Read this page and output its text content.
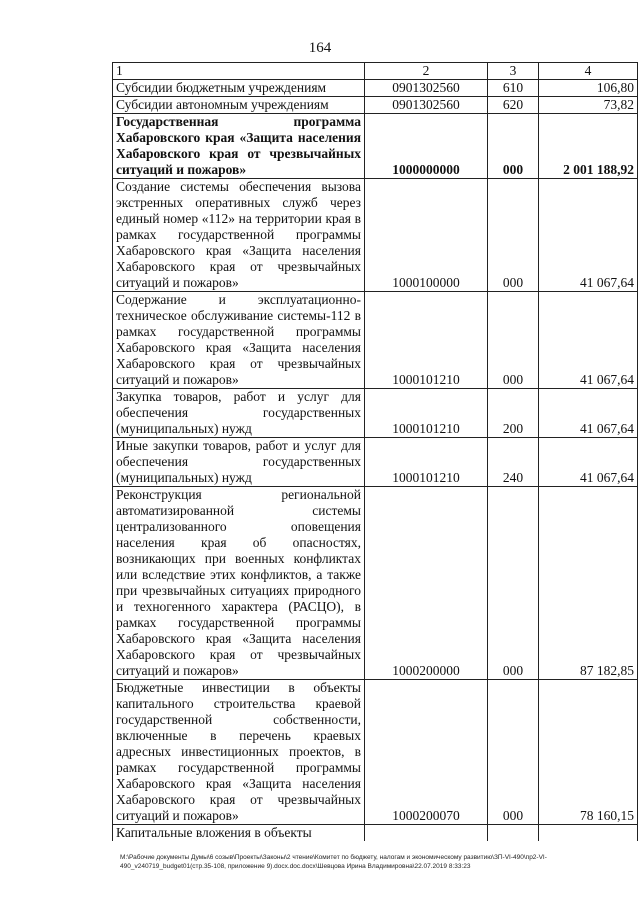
164
1	2	3	4
Субсидии бюджетным учреждениям	0901302560	610	106,80
Субсидии автономным учреждениям	0901302560	620	73,82
Государственная программа Хабаровского края «Защита населения Хабаровского края от чрезвычайных ситуаций и пожаров»	1000000000	000	2 001 188,92
Создание системы обеспечения вызова экстренных оперативных служб через единый номер «112» на территории края в рамках государственной программы Хабаровского края «Защита населения Хабаровского края от чрезвычайных ситуаций и пожаров»	1000100000	000	41 067,64
Содержание и эксплуатационно-техническое обслуживание системы-112 в рамках государственной программы Хабаровского края «Защита населения Хабаровского края от чрезвычайных ситуаций и пожаров»	1000101210	000	41 067,64
Закупка товаров, работ и услуг для обеспечения государственных (муниципальных) нужд	1000101210	200	41 067,64
Иные закупки товаров, работ и услуг для обеспечения государственных (муниципальных) нужд	1000101210	240	41 067,64
Реконструкция региональной автоматизированной системы централизованного оповещения населения края об опасностях, возникающих при военных конфликтах или вследствие этих конфликтов, а также при чрезвычайных ситуациях природного и техногенного характера (РАСЦО), в рамках государственной программы Хабаровского края «Защита населения Хабаровского края от чрезвычайных ситуаций и пожаров»	1000200000	000	87 182,85
Бюджетные инвестиции в объекты капитального строительства краевой государственной собственности, включенные в перечень краевых адресных инвестиционных проектов, в рамках государственной программы Хабаровского края «Защита населения Хабаровского края от чрезвычайных ситуаций и пожаров»	1000200070	000	78 160,15
Капитальные вложения в объекты			
М:\Рабочие документы Думы\6 созыв\Проекты\Законы\2 чтение\Комитет по бюджету, налогам и экономическому развитию\ЗП-VI-490\пр2-VI-490_v240719_budget01(стр.35-108, приложение 9).docx.doc.docx\Шевцова Ирина Владимировна\22.07.2019 8:33:23
